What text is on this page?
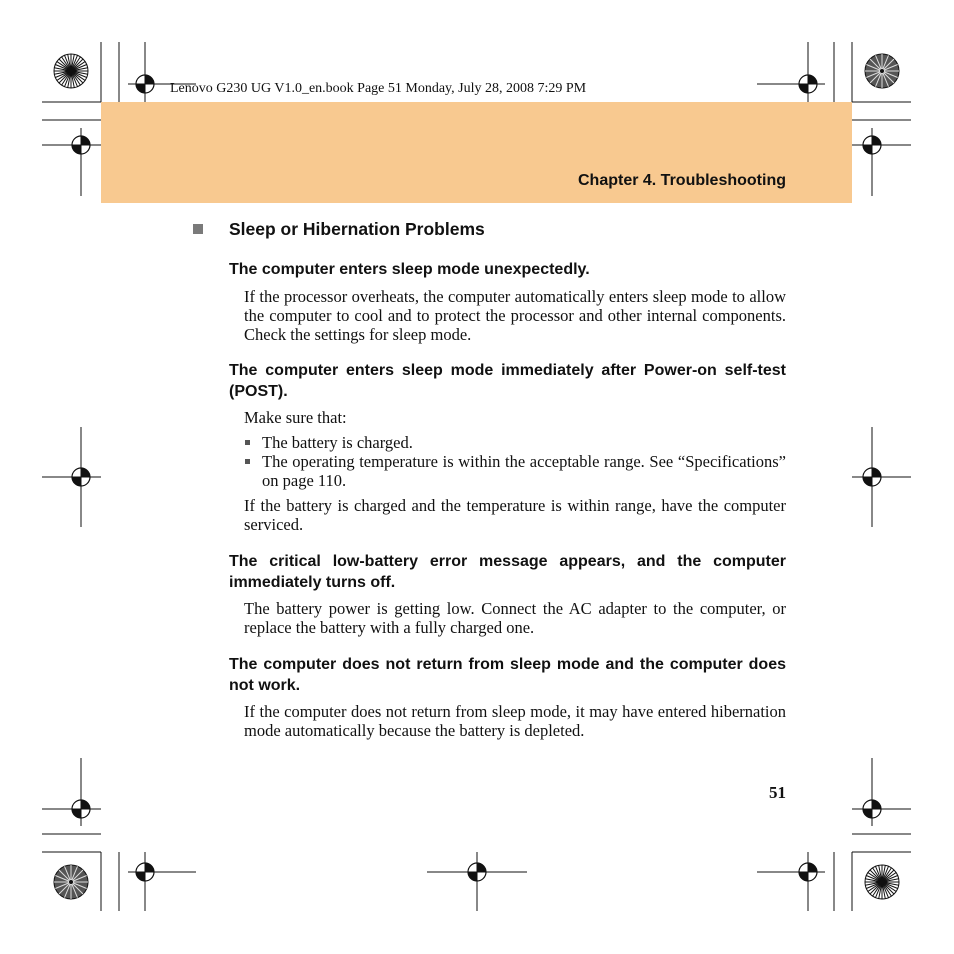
Lenovo G230 UG V1.0_en.book Page 51 Monday, July 28, 2008 7:29 PM
Chapter 4. Troubleshooting
Sleep or Hibernation Problems
The computer enters sleep mode unexpectedly.

If the processor overheats, the computer automatically enters sleep mode to allow the computer to cool and to protect the processor and other internal components. Check the settings for sleep mode.

The computer enters sleep mode immediately after Power-on self-test (POST).

Make sure that:

The battery is charged.
The operating temperature is within the acceptable range. See “Specifications” on page 110.

If the battery is charged and the temperature is within range, have the computer serviced.

The critical low-battery error message appears, and the computer immediately turns off.

The battery power is getting low. Connect the AC adapter to the computer, or replace the battery with a fully charged one.

The computer does not return from sleep mode and the computer does not work.

If the computer does not return from sleep mode, it may have entered hibernation mode automatically because the battery is depleted.

51
